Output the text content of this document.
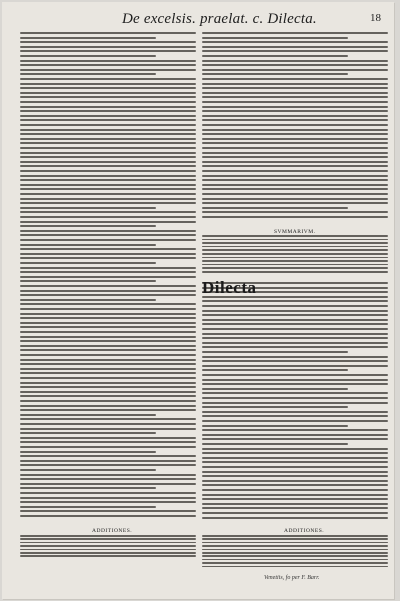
De excelsis. praelat. c. Dilecta.	18
SVMMARIVM.
Dilecta
ADDITIONES.	ADDITIONES.
Venetiis, fo per F. Barr.
